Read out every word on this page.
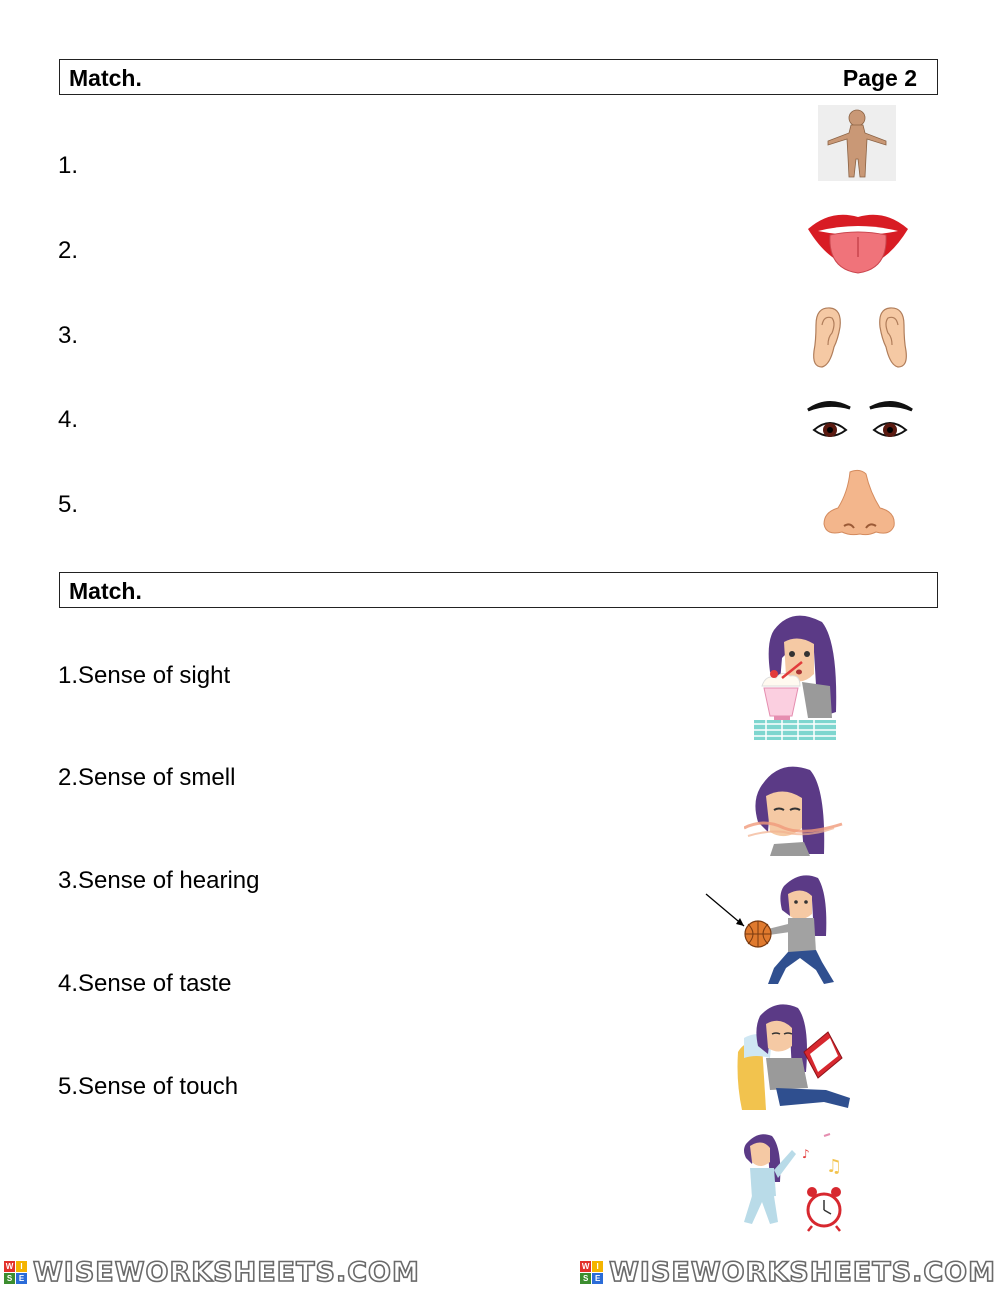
Match.	Page 2
1.
2.
3.
4.
5.
Match.
1.Sense of sight
2.Sense of smell
3.Sense of hearing
4.Sense of taste
5.Sense of touch
♫
♪
W I
S E WISEWORKSHEETS.COM	W I
S E WISEWORKSHEETS.COM
